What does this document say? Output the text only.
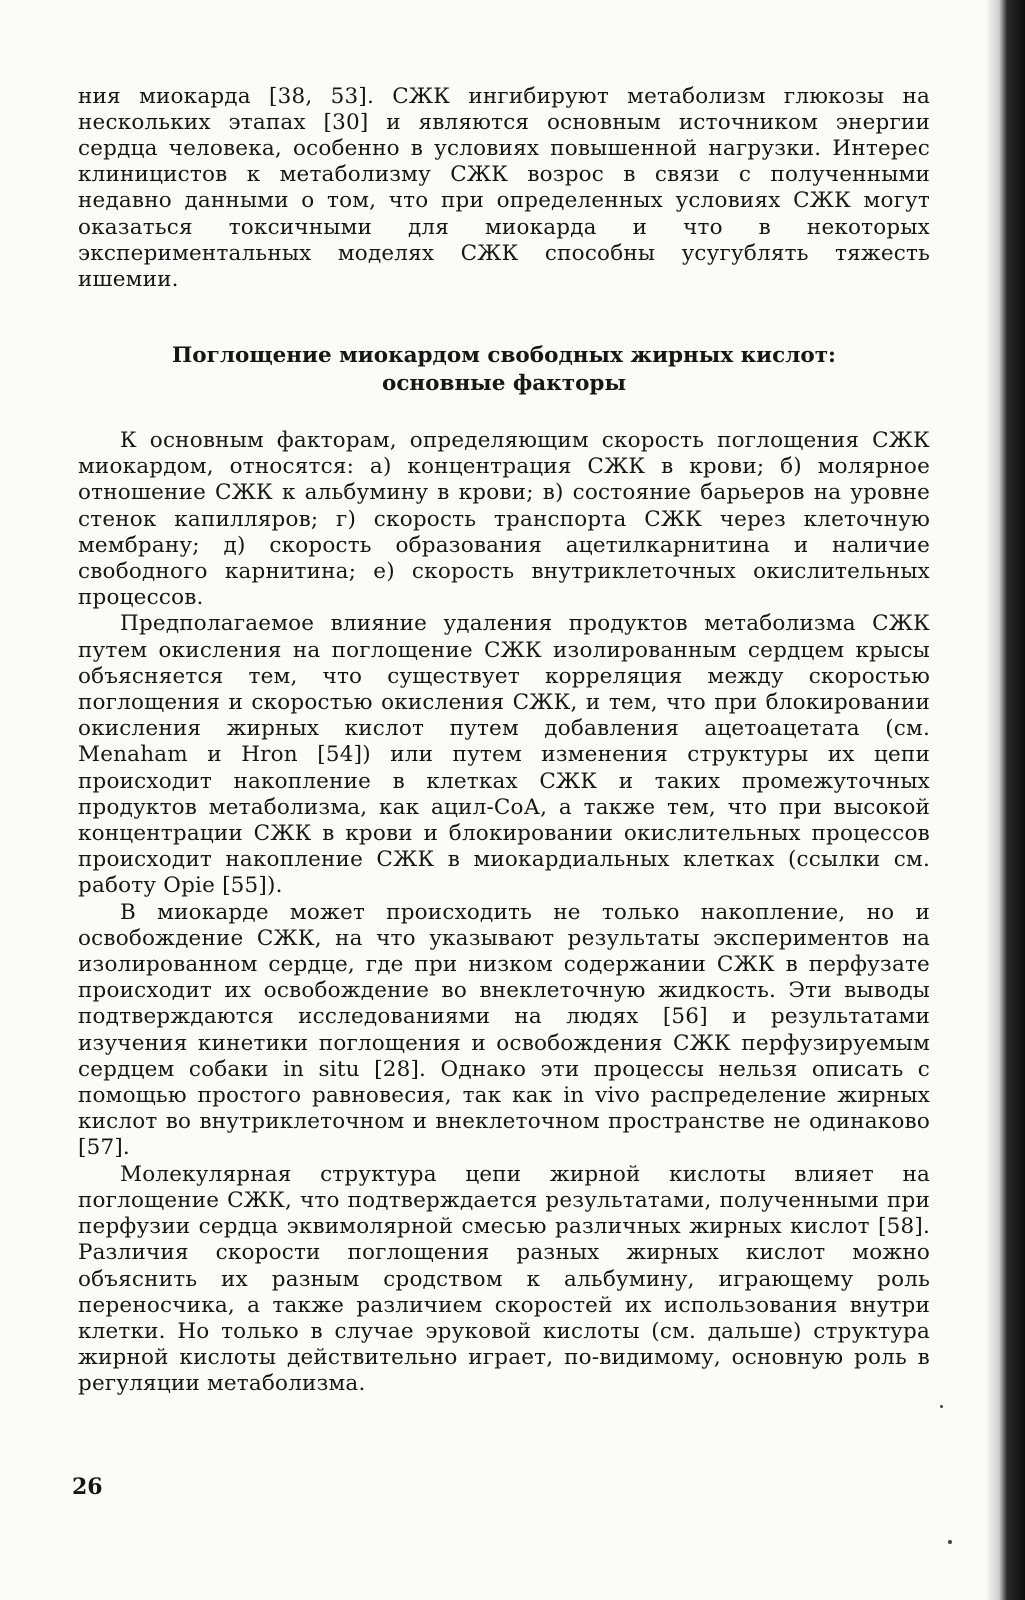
ния миокарда [38, 53]. СЖК ингибируют метаболизм глюкозы на нескольких этапах [30] и являются основным источником энергии сердца человека, особенно в условиях повышенной нагрузки. Интерес клиницистов к метаболизму СЖК возрос в связи с полученными недавно данными о том, что при определенных условиях СЖК могут оказаться токсичными для миокарда и что в некоторых экспериментальных моделях СЖК способны усугублять тяжесть ишемии.

Поглощение миокардом свободных жирных кислот:
основные факторы

К основным факторам, определяющим скорость поглощения СЖК миокардом, относятся: а) концентрация СЖК в крови; б) молярное отношение СЖК к альбумину в крови; в) состояние барьеров на уровне стенок капилляров; г) скорость транспорта СЖК через клеточную мембрану; д) скорость образования ацетилкарнитина и наличие свободного карнитина; е) скорость внутриклеточных окислительных процессов.

Предполагаемое влияние удаления продуктов метаболизма СЖК путем окисления на поглощение СЖК изолированным сердцем крысы объясняется тем, что существует корреляция между скоростью поглощения и скоростью окисления СЖК, и тем, что при блокировании окисления жирных кислот путем добавления ацетоацетата (см. Menaham и Hron [54]) или путем изменения структуры их цепи происходит накопление в клетках СЖК и таких промежуточных продуктов метаболизма, как ацил-СоА, а также тем, что при высокой концентрации СЖК в крови и блокировании окислительных процессов происходит накопление СЖК в миокардиальных клетках (ссылки см. работу Opie [55]).

В миокарде может происходить не только накопление, но и освобождение СЖК, на что указывают результаты экспериментов на изолированном сердце, где при низком содержании СЖК в перфузате происходит их освобождение во внеклеточную жидкость. Эти выводы подтверждаются исследованиями на людях [56] и результатами изучения кинетики поглощения и освобождения СЖК перфузируемым сердцем собаки in situ [28]. Однако эти процессы нельзя описать с помощью простого равновесия, так как in vivo распределение жирных кислот во внутриклеточном и внеклеточном пространстве не одинаково [57].

Молекулярная структура цепи жирной кислоты влияет на поглощение СЖК, что подтверждается результатами, полученными при перфузии сердца эквимолярной смесью различных жирных кислот [58]. Различия скорости поглощения разных жирных кислот можно объяснить их разным сродством к альбумину, играющему роль переносчика, а также различием скоростей их использования внутри клетки. Но только в случае эруковой кислоты (см. дальше) структура жирной кислоты действительно играет, по-видимому, основную роль в регуляции метаболизма.

26
